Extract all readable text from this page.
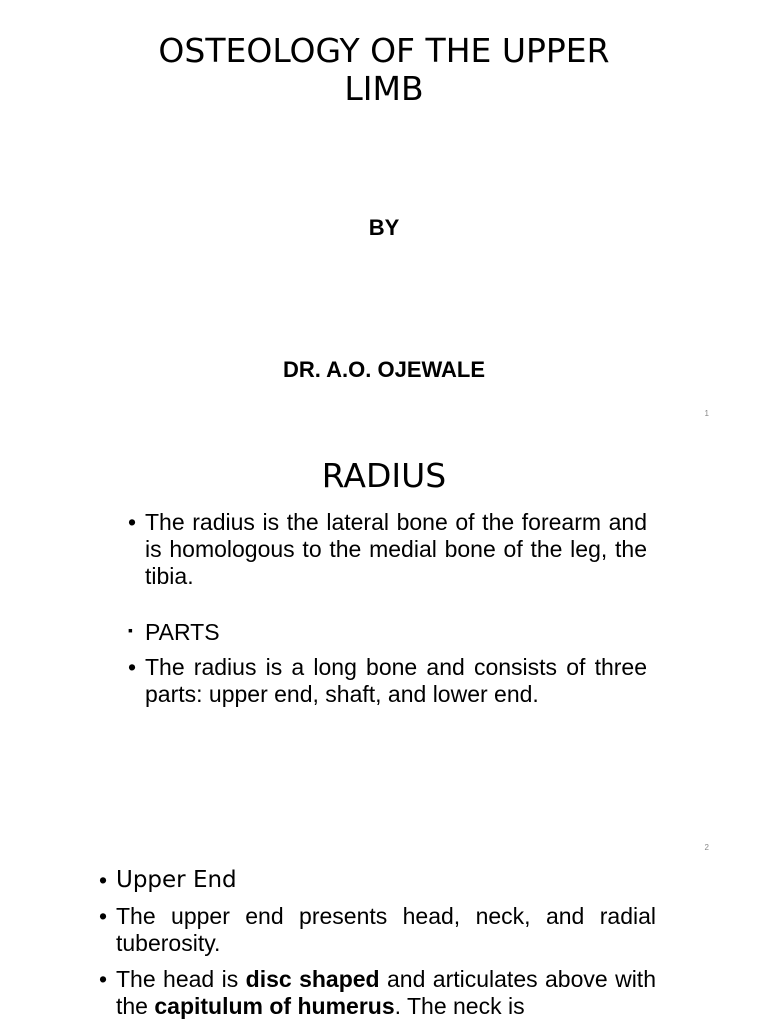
OSTEOLOGY OF THE UPPER
LIMB
BY
DR. A.O. OJEWALE
1
RADIUS
• The radius is the lateral bone of the forearm and is homologous to the medial bone of the leg, the tibia.
▪ PARTS
• The radius is a long bone and consists of three parts: upper end, shaft, and lower end.
2
• Upper End
• The upper end presents head, neck, and radial tuberosity.
• The head is disc shaped and articulates above with the capitulum of humerus. The neck is
